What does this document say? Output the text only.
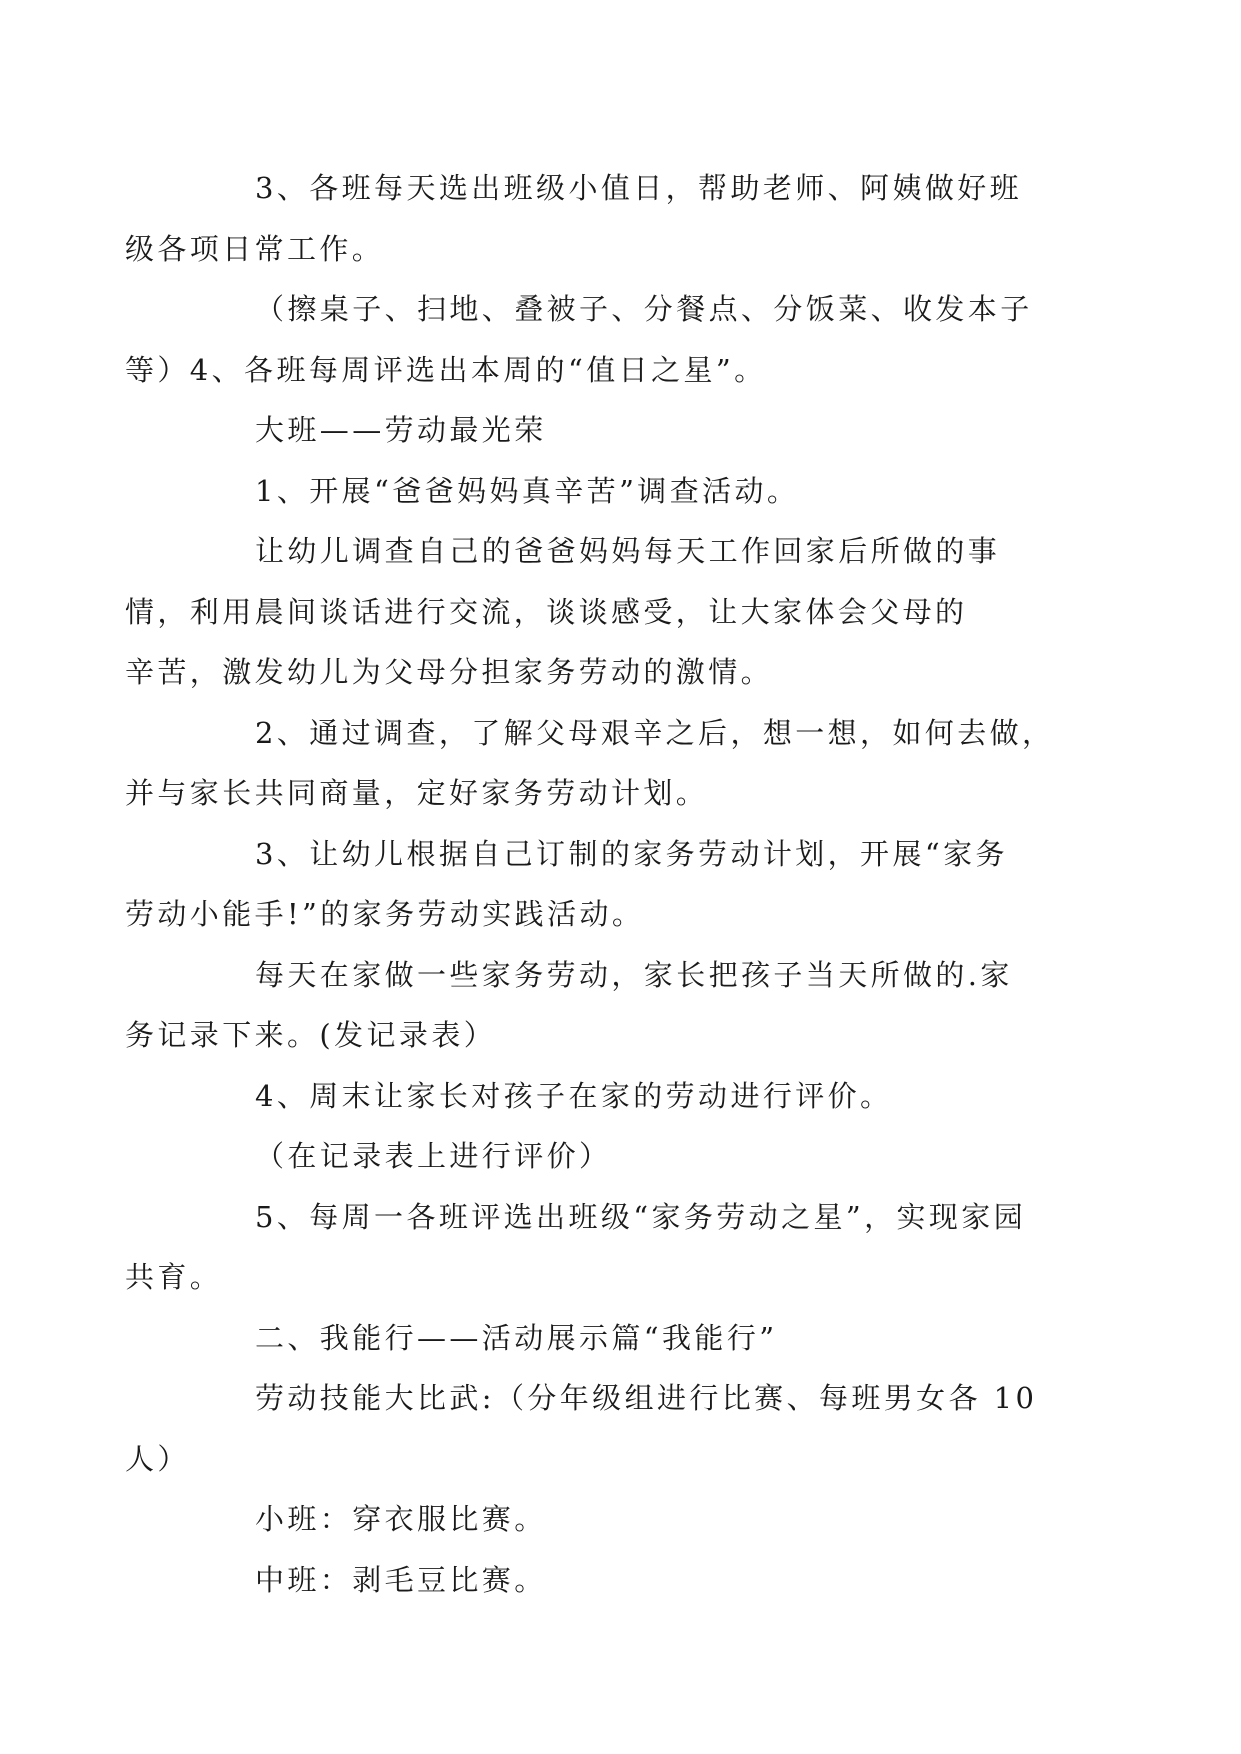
3、各班每天选出班级小值日，帮助老师、阿姨做好班
级各项日常工作。

（擦桌子、扫地、叠被子、分餐点、分饭菜、收发本子
等）4、各班每周评选出本周的“值日之星”。

大班——劳动最光荣

1、开展“爸爸妈妈真辛苦”调查活动。

让幼儿调查自己的爸爸妈妈每天工作回家后所做的事
情，利用晨间谈话进行交流，谈谈感受，让大家体会父母的
辛苦，激发幼儿为父母分担家务劳动的激情。

2、通过调查，了解父母艰辛之后，想一想，如何去做，
并与家长共同商量，定好家务劳动计划。

3、让幼儿根据自己订制的家务劳动计划，开展“家务
劳动小能手!”的家务劳动实践活动。

每天在家做一些家务劳动，家长把孩子当天所做的.家
务记录下来。(发记录表）

4、周末让家长对孩子在家的劳动进行评价。

（在记录表上进行评价）

5、每周一各班评选出班级“家务劳动之星”，实现家园
共育。

二、我能行——活动展示篇“我能行”

劳动技能大比武:（分年级组进行比赛、每班男女各 10
人）

小班：穿衣服比赛。

中班：剥毛豆比赛。
